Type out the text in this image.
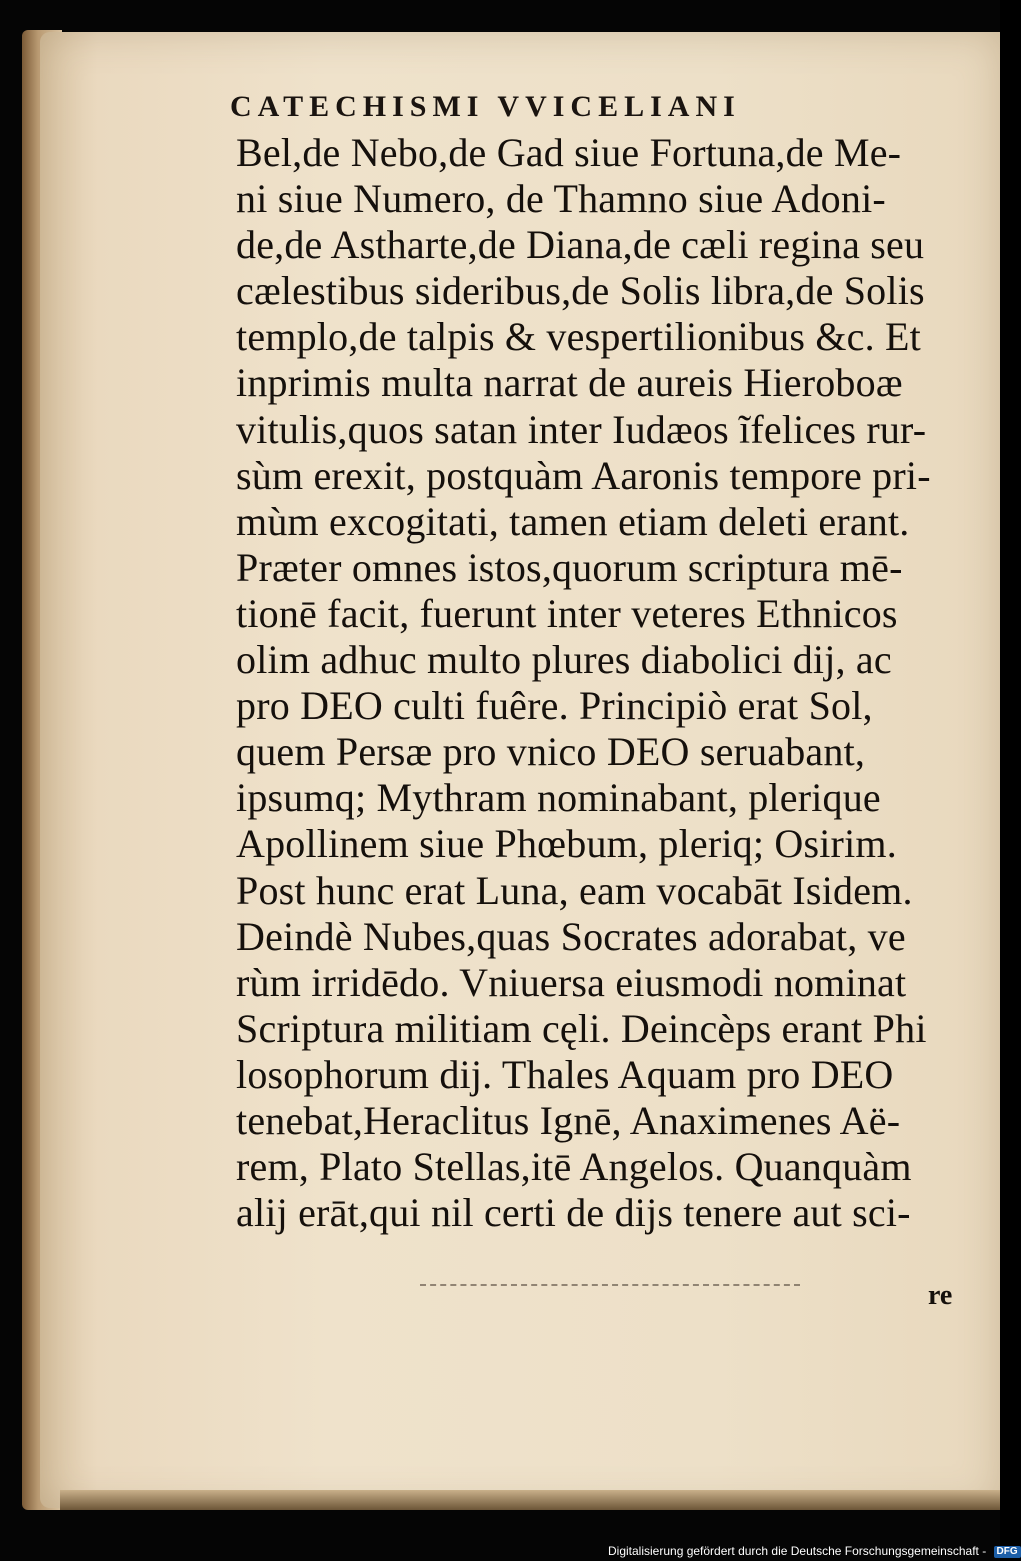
CATECHISMI VVICELIANI
Bel,de Nebo,de Gad siue Fortuna,de Me-
ni siue Numero, de Thamno siue Adoni-
de,de Astharte,de Diana,de cæli regina seu
cælestibus sideribus,de Solis libra,de Solis
templo,de talpis & vespertilionibus &c. Et
inprimis multa narrat de aureis Hieroboæ
vitulis,quos satan inter Iudæos ĩfelices rur-
sùm erexit, postquàm Aaronis tempore pri-
mùm excogitati, tamen etiam deleti erant.
Præter omnes istos,quorum scriptura mē-
tionē facit, fuerunt inter veteres Ethnicos
olim adhuc multo plures diabolici dij, ac
pro DEO culti fuêre. Principiò erat Sol,
quem Persæ pro vnico DEO seruabant,
ipsumq; Mythram nominabant, plerique
Apollinem siue Phœbum, pleriq; Osirim.
Post hunc erat Luna, eam vocabāt Isidem.
Deindè Nubes,quas Socrates adorabat, ve
rùm irridēdo. Vniuersa eiusmodi nominat
Scriptura militiam cęli. Deincèps erant Phi
losophorum dij. Thales Aquam pro DEO
tenebat,Heraclitus Ignē, Anaximenes Aë-
rem, Plato Stellas,itē Angelos. Quanquàm
alij erāt,qui nil certi de dijs tenere aut sci-
re
Digitalisierung gefördert durch die Deutsche Forschungsgemeinschaft - DFG
